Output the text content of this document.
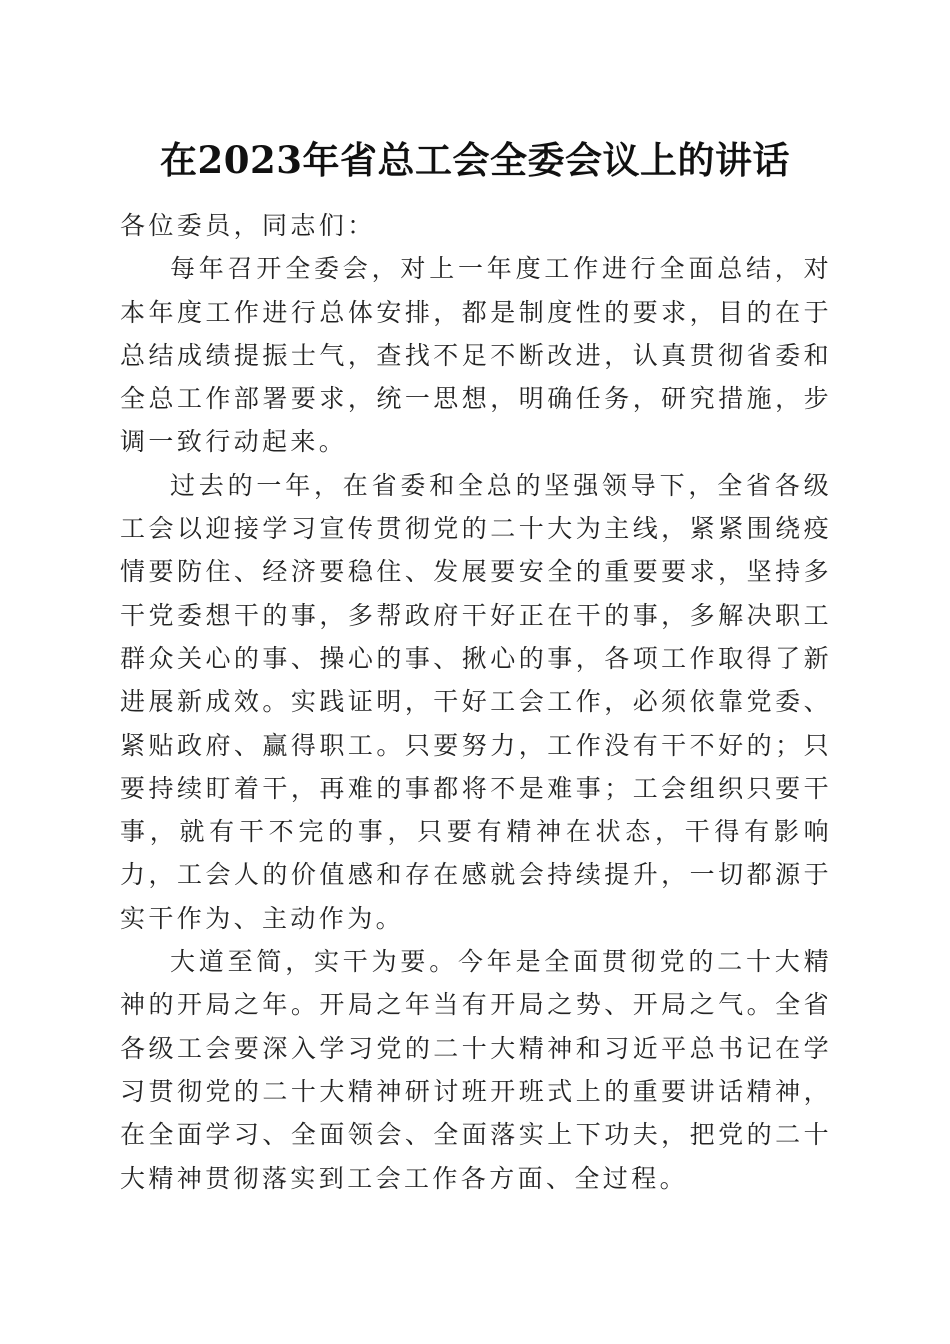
在2023年省总工会全委会议上的讲话

各位委员，同志们：

每年召开全委会，对上一年度工作进行全面总结，对本年度工作进行总体安排，都是制度性的要求，目的在于总结成绩提振士气，查找不足不断改进，认真贯彻省委和全总工作部署要求，统一思想，明确任务，研究措施，步调一致行动起来。

过去的一年，在省委和全总的坚强领导下，全省各级工会以迎接学习宣传贯彻党的二十大为主线，紧紧围绕疫情要防住、经济要稳住、发展要安全的重要要求，坚持多干党委想干的事，多帮政府干好正在干的事，多解决职工群众关心的事、操心的事、揪心的事，各项工作取得了新进展新成效。实践证明，干好工会工作，必须依靠党委、紧贴政府、赢得职工。只要努力，工作没有干不好的；只要持续盯着干，再难的事都将不是难事；工会组织只要干事，就有干不完的事，只要有精神在状态，干得有影响力，工会人的价值感和存在感就会持续提升，一切都源于实干作为、主动作为。

大道至简，实干为要。今年是全面贯彻党的二十大精神的开局之年。开局之年当有开局之势、开局之气。全省各级工会要深入学习党的二十大精神和习近平总书记在学习贯彻党的二十大精神研讨班开班式上的重要讲话精神，在全面学习、全面领会、全面落实上下功夫，把党的二十大精神贯彻落实到工会工作各方面、全过程。
